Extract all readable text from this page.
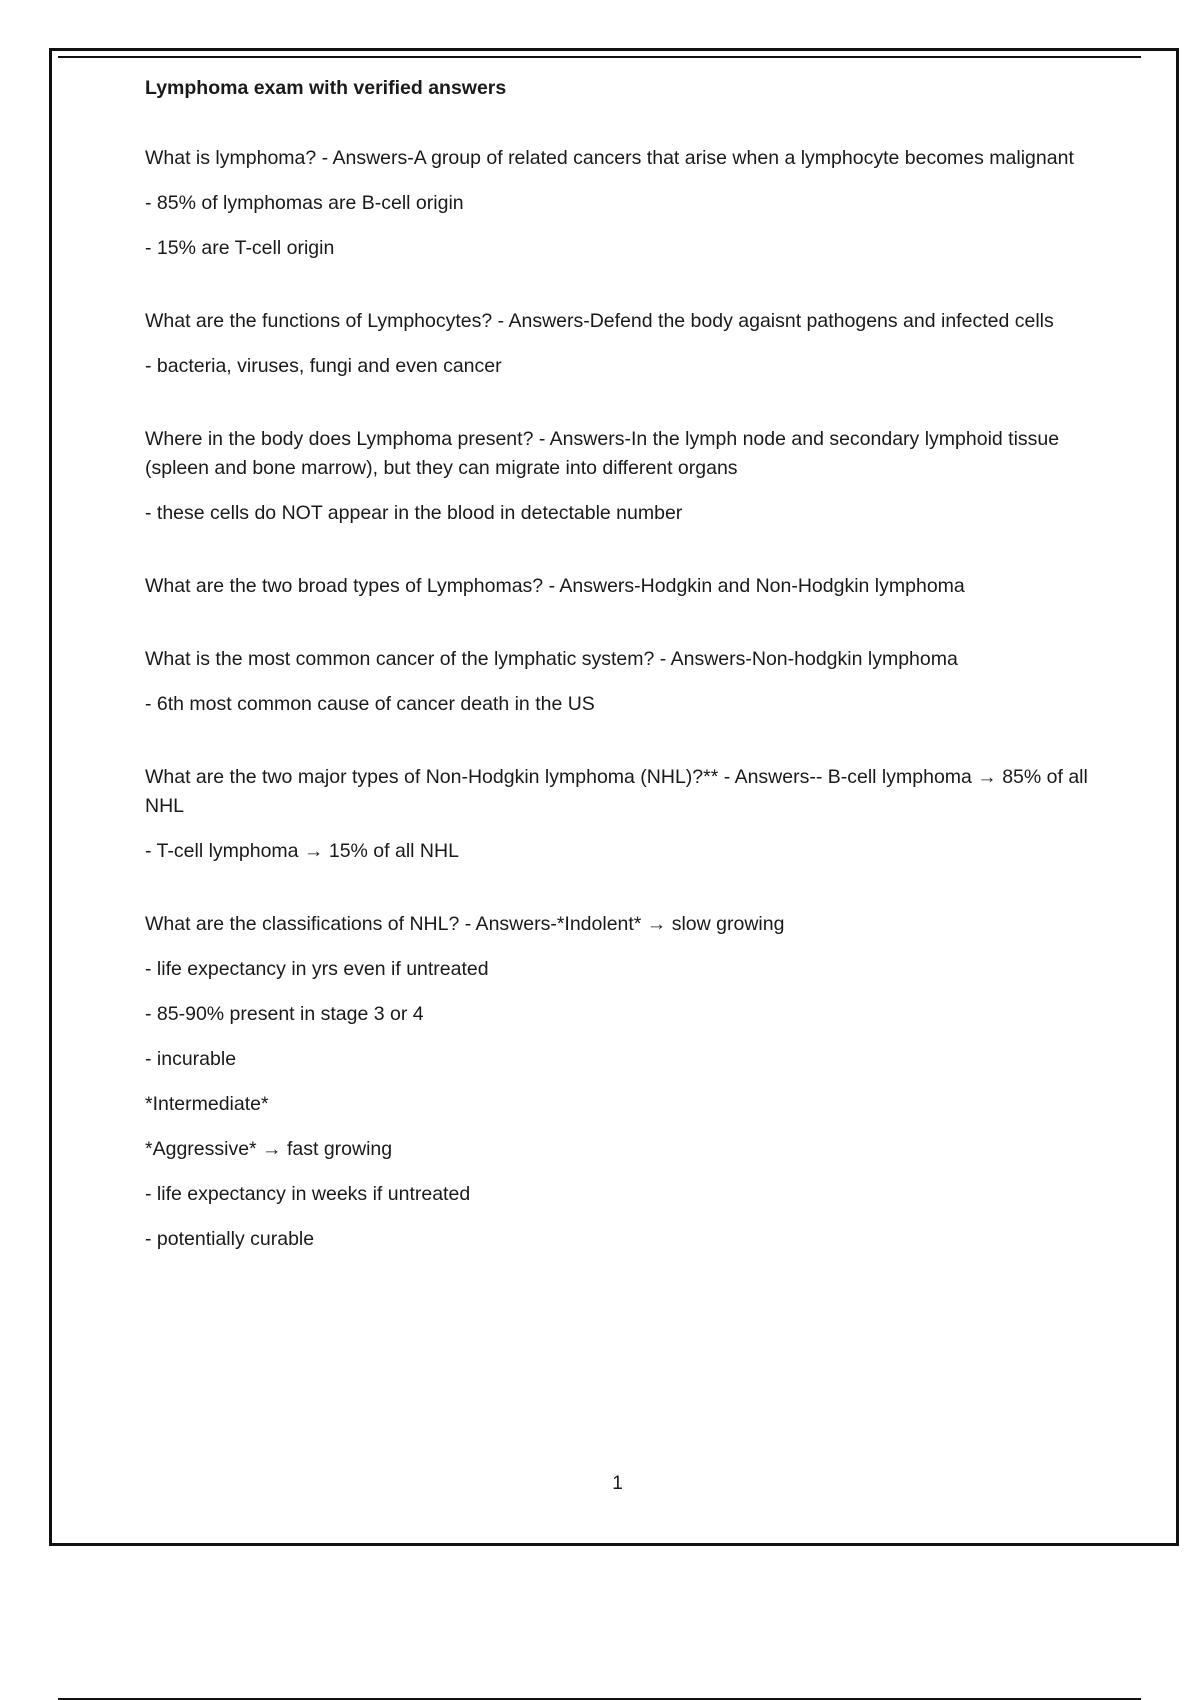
Lymphoma exam with verified answers

What is lymphoma? - Answers-A group of related cancers that arise when a lymphocyte becomes malignant

- 85% of lymphomas are B-cell origin

- 15% are T-cell origin

What are the functions of Lymphocytes? - Answers-Defend the body agaisnt pathogens and infected cells

- bacteria, viruses, fungi and even cancer

Where in the body does Lymphoma present? - Answers-In the lymph node and secondary lymphoid tissue (spleen and bone marrow), but they can migrate into different organs

- these cells do NOT appear in the blood in detectable number

What are the two broad types of Lymphomas? - Answers-Hodgkin and Non-Hodgkin lymphoma

What is the most common cancer of the lymphatic system? - Answers-Non-hodgkin lymphoma

- 6th most common cause of cancer death in the US

What are the two major types of Non-Hodgkin lymphoma (NHL)?** - Answers-- B-cell lymphoma → 85% of all NHL

- T-cell lymphoma → 15% of all NHL

What are the classifications of NHL? - Answers-*Indolent* → slow growing

- life expectancy in yrs even if untreated

- 85-90% present in stage 3 or 4

- incurable

*Intermediate*

*Aggressive* → fast growing

- life expectancy in weeks if untreated

- potentially curable

1
